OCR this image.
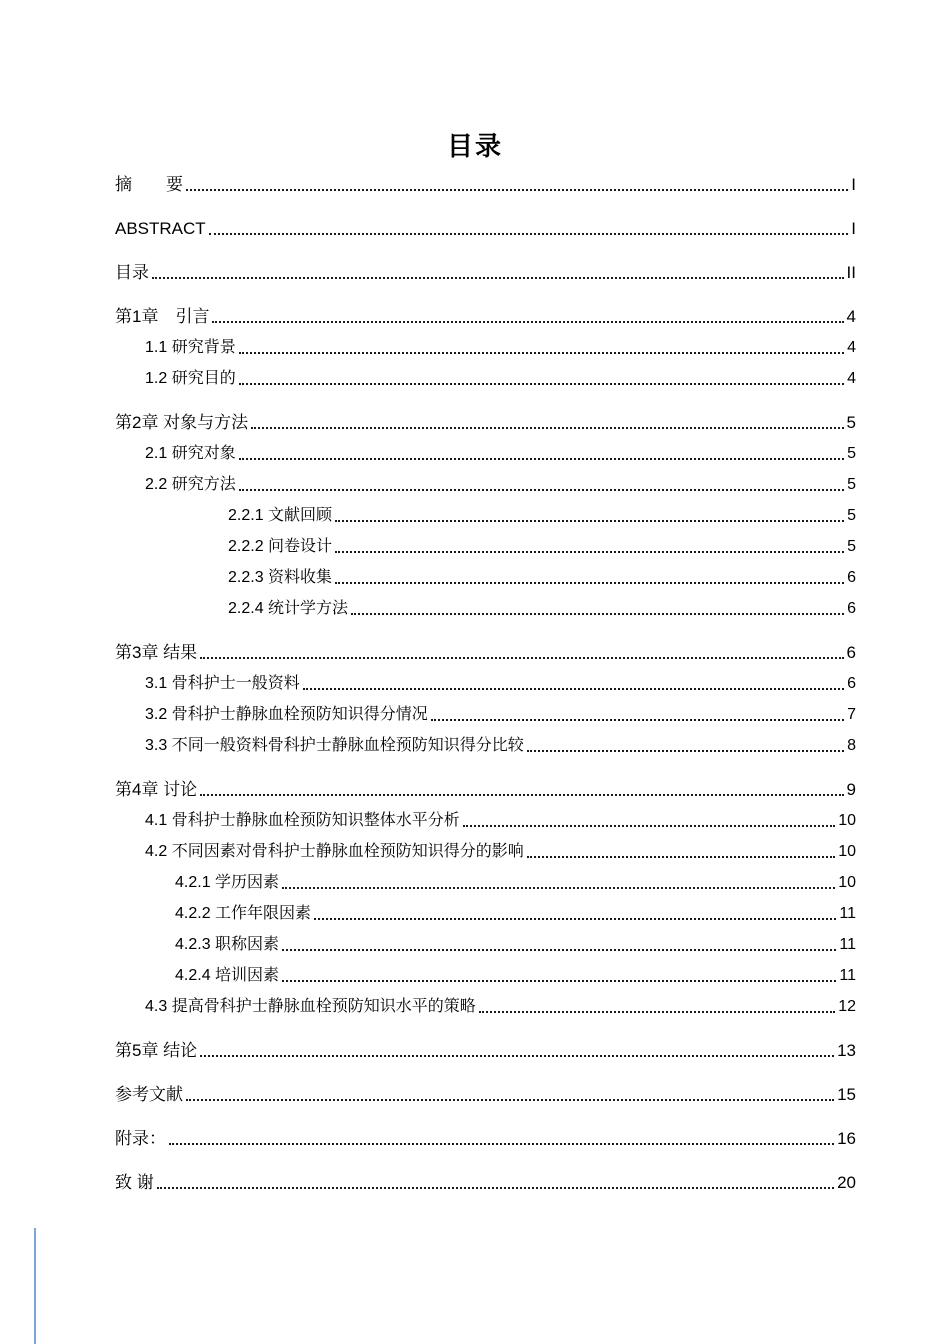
目录
摘　　要	I
ABSTRACT	I
目录	II
第1章　引言	4
1.1 研究背景	4
1.2 研究目的	4
第2章 对象与方法	5
2.1 研究对象	5
2.2 研究方法	5
2.2.1 文献回顾	5
2.2.2 问卷设计	5
2.2.3 资料收集	6
2.2.4 统计学方法	6
第3章 结果	6
3.1 骨科护士一般资料	6
3.2 骨科护士静脉血栓预防知识得分情况	7
3.3 不同一般资料骨科护士静脉血栓预防知识得分比较	8
第4章 讨论	9
4.1 骨科护士静脉血栓预防知识整体水平分析	10
4.2 不同因素对骨科护士静脉血栓预防知识得分的影响	10
4.2.1 学历因素	10
4.2.2 工作年限因素	11
4.2.3 职称因素	11
4.2.4 培训因素	11
4.3 提高骨科护士静脉血栓预防知识水平的策略	12
第5章 结论	13
参考文献	15
附录：	16
致 谢	20
